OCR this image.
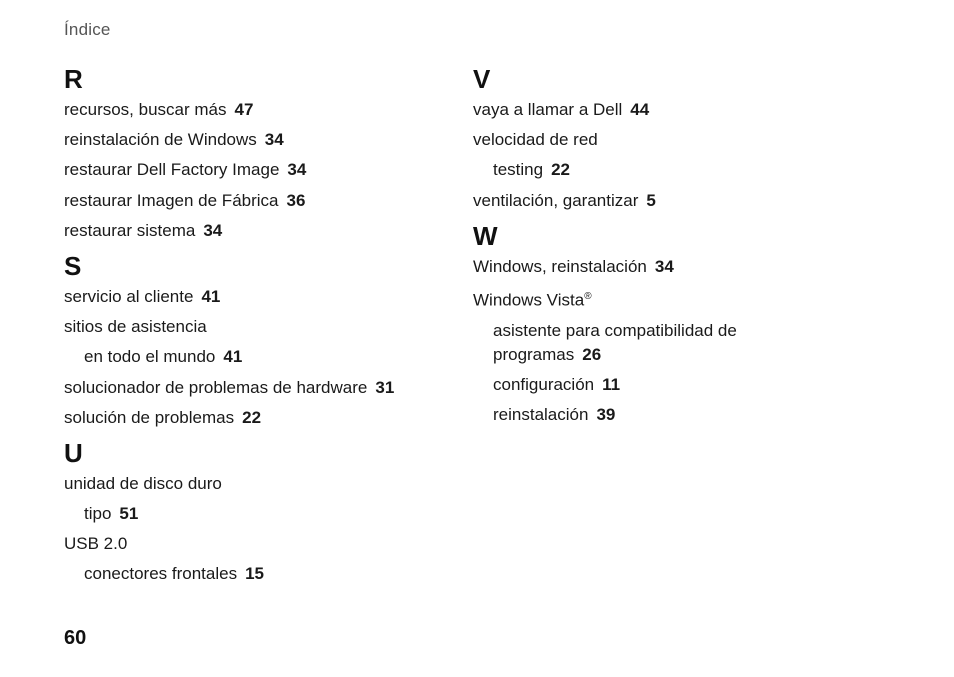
Índice
R
recursos, buscar más 47
reinstalación de Windows 34
restaurar Dell Factory Image 34
restaurar Imagen de Fábrica 36
restaurar sistema 34
S
servicio al cliente 41
sitios de asistencia
en todo el mundo 41
solucionador de problemas de hardware 31
solución de problemas 22
U
unidad de disco duro
tipo 51
USB 2.0
conectores frontales 15
V
vaya a llamar a Dell 44
velocidad de red
testing 22
ventilación, garantizar 5
W
Windows, reinstalación 34
Windows Vista®
asistente para compatibilidad de programas 26
configuración 11
reinstalación 39
60
